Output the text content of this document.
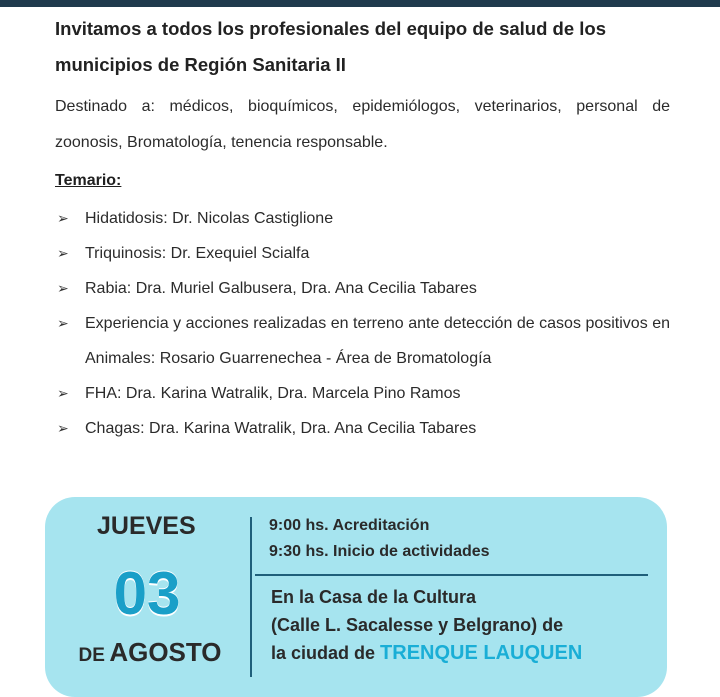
Invitamos a todos los profesionales del equipo de salud de los
municipios de Región Sanitaria II
Destinado a: médicos, bioquímicos, epidemiólogos, veterinarios, personal de zoonosis, Bromatología, tenencia responsable.
Temario:
➢ Hidatidosis: Dr. Nicolas Castiglione
➢ Triquinosis: Dr. Exequiel Scialfa
➢ Rabia: Dra. Muriel Galbusera, Dra. Ana Cecilia Tabares
➢ Experiencia y acciones realizadas en terreno ante detección de casos positivos en Animales: Rosario Guarrenechea - Área de Bromatología
➢ FHA: Dra. Karina Watralik, Dra. Marcela Pino Ramos
➢ Chagas: Dra. Karina Watralik, Dra. Ana Cecilia Tabares
JUEVES
03
DE AGOSTO
9:00 hs. Acreditación
9:30 hs. Inicio de actividades
En la Casa de la Cultura
(Calle L. Sacalesse y Belgrano) de
la ciudad de TRENQUE LAUQUEN
